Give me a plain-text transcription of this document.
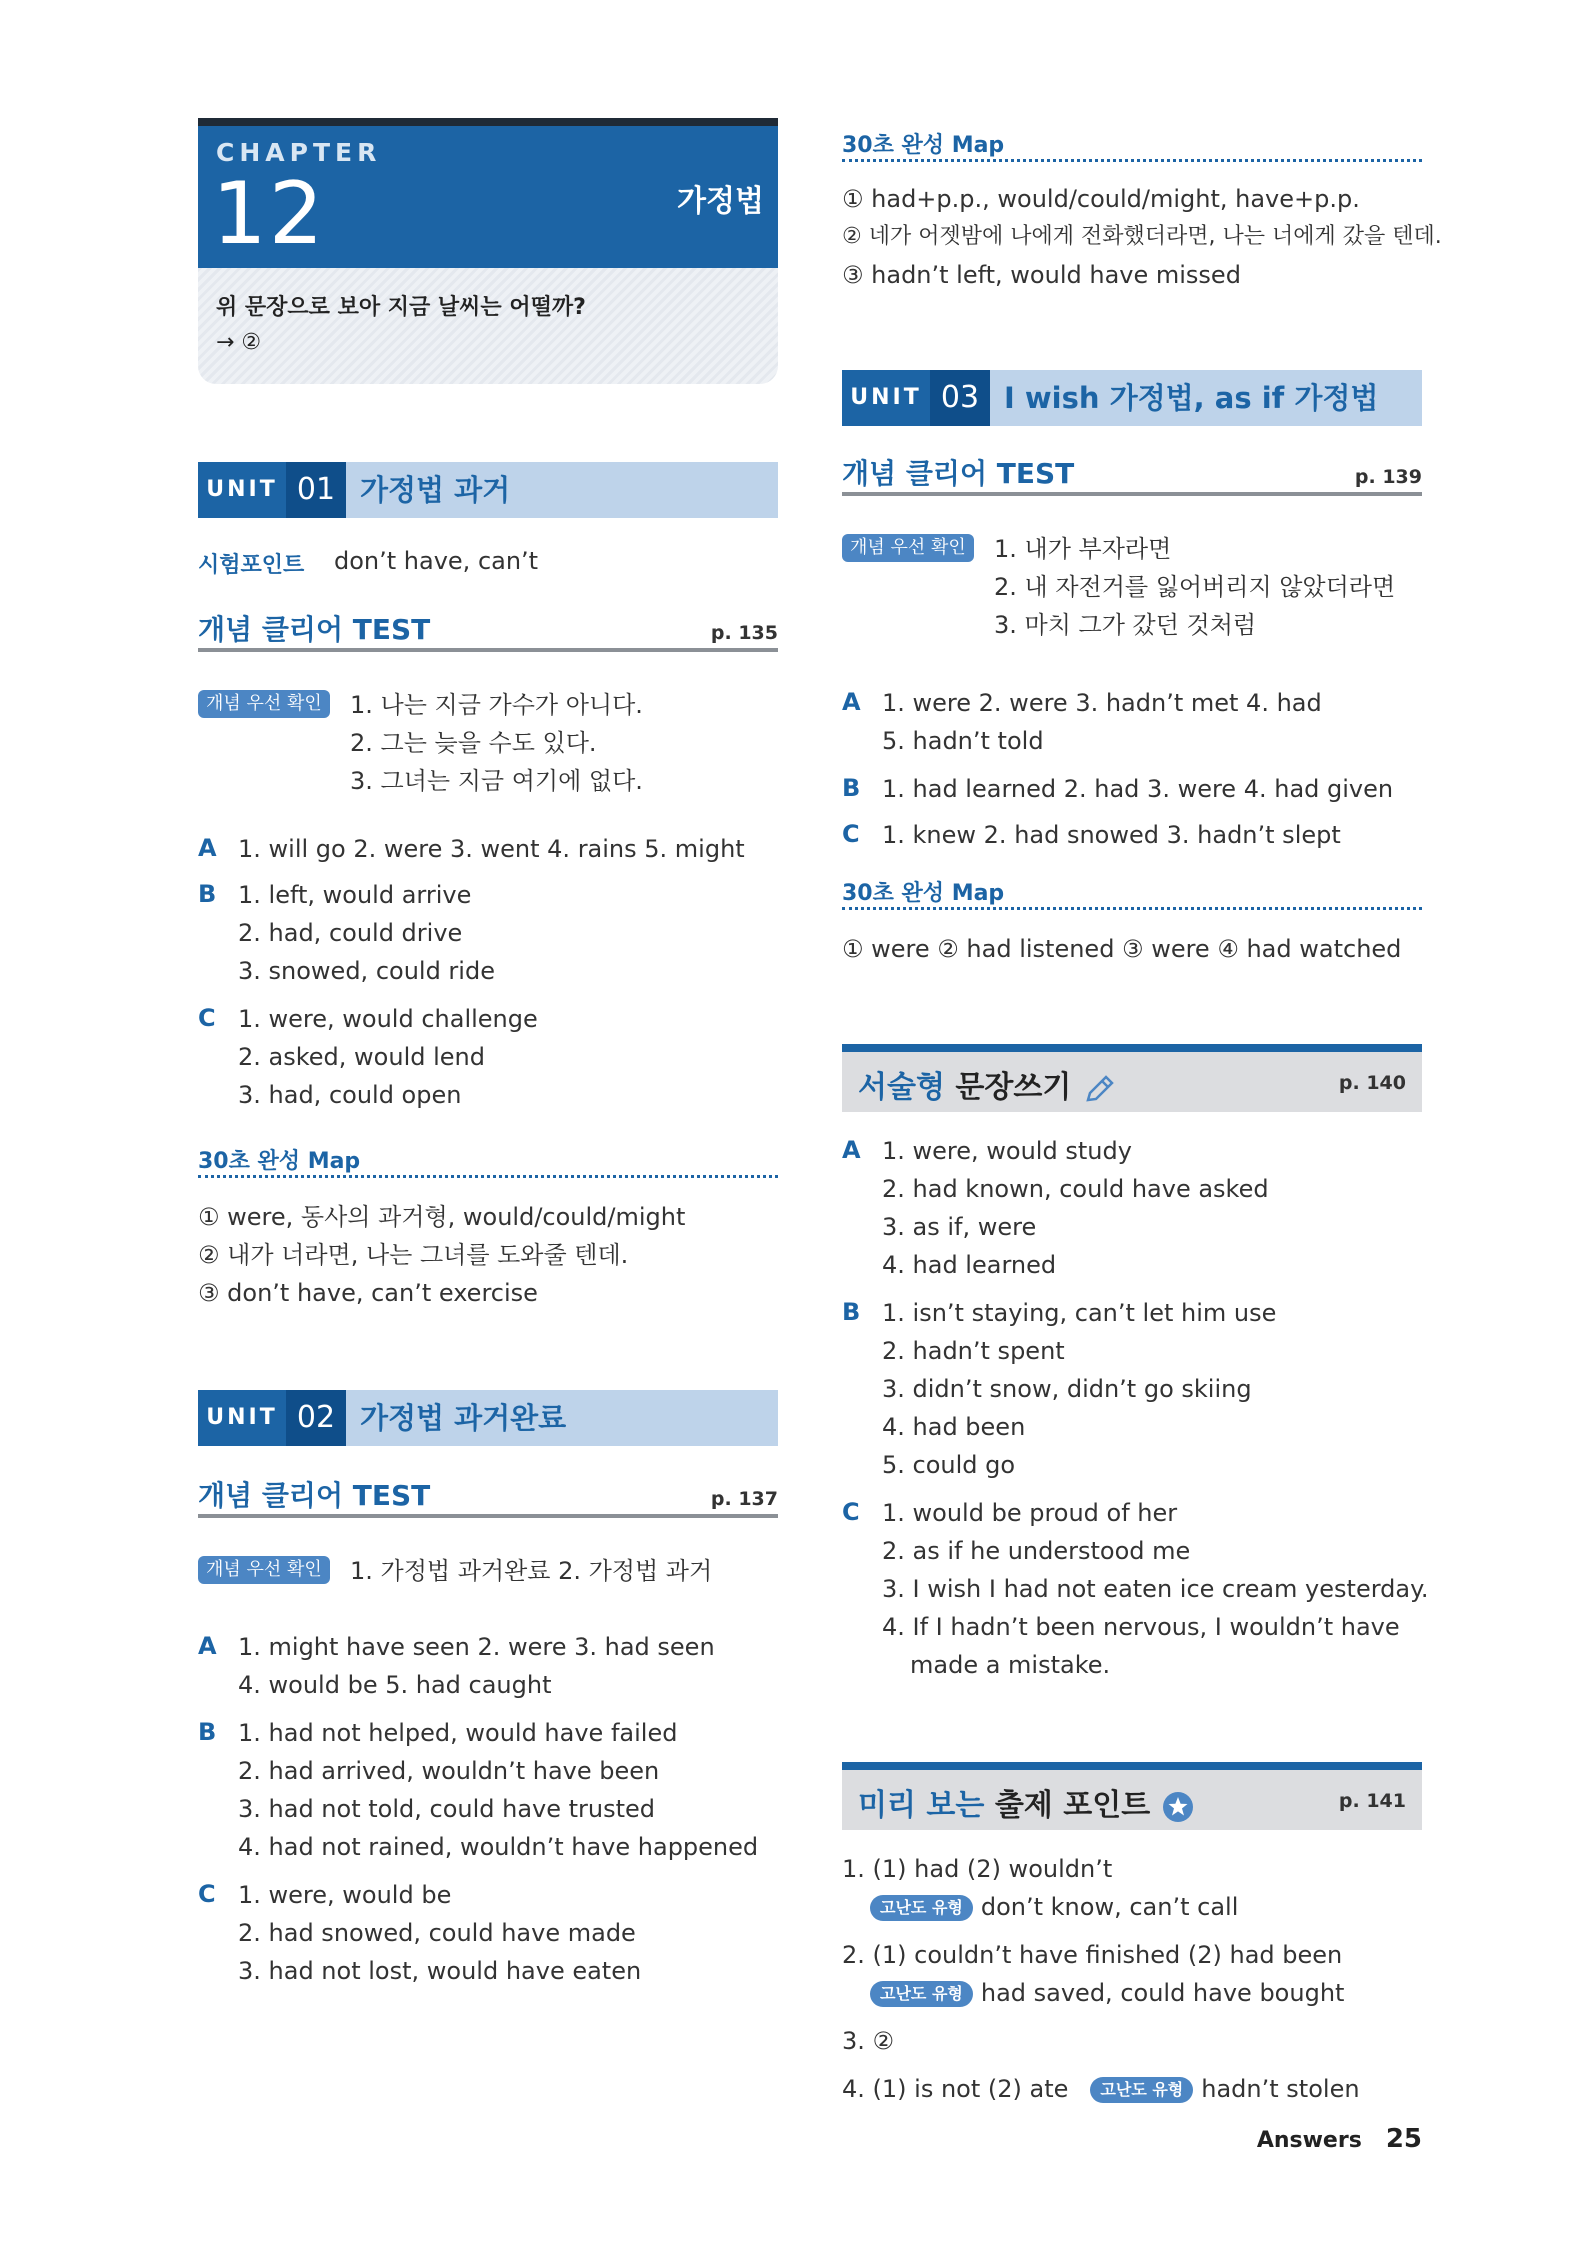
CHAPTER
12	가정법
위 문장으로 보아 지금 날씨는 어떨까?
→ ②
UNIT 01 가정법 과거
시험포인트 don’t have, can’t
개념 클리어 TEST	p. 135
개념 우선 확인	1. 나는 지금 가수가 아니다.
2. 그는 늦을 수도 있다.
3. 그녀는 지금 여기에 없다.
A 1. will go 2. were 3. went 4. rains 5. might
B 1. left, would arrive
2. had, could drive
3. snowed, could ride
C 1. were, would challenge
2. asked, would lend
3. had, could open
30초 완성 Map
① were, 동사의 과거형, would/could/might
② 내가 너라면, 나는 그녀를 도와줄 텐데.
③ don’t have, can’t exercise
UNIT 02 가정법 과거완료
개념 클리어 TEST	p. 137
개념 우선 확인	1. 가정법 과거완료 2. 가정법 과거
A 1. might have seen 2. were 3. had seen
4. would be 5. had caught
B 1. had not helped, would have failed
2. had arrived, wouldn’t have been
3. had not told, could have trusted
4. had not rained, wouldn’t have happened
C 1. were, would be
2. had snowed, could have made
3. had not lost, would have eaten
30초 완성 Map
① had+p.p., would/could/might, have+p.p.
② 네가 어젯밤에 나에게 전화했더라면, 나는 너에게 갔을 텐데.
③ hadn’t left, would have missed
UNIT 03 I wish 가정법, as if 가정법
개념 클리어 TEST	p. 139
개념 우선 확인	1. 내가 부자라면
2. 내 자전거를 잃어버리지 않았더라면
3. 마치 그가 갔던 것처럼
A 1. were 2. were 3. hadn’t met 4. had
5. hadn’t told
B 1. had learned 2. had 3. were 4. had given
C 1. knew 2. had snowed 3. hadn’t slept
30초 완성 Map
① were ② had listened ③ were ④ had watched
서술형 문장쓰기	p. 140
A 1. were, would study
2. had known, could have asked
3. as if, were
4. had learned
B 1. isn’t staying, can’t let him use
2. hadn’t spent
3. didn’t snow, didn’t go skiing
4. had been
5. could go
C 1. would be proud of her
2. as if he understood me
3. I wish I had not eaten ice cream yesterday.
4. If I hadn’t been nervous, I wouldn’t have
made a mistake.
미리 보는 출제 포인트	p. 141
1. (1) had (2) wouldn’t
고난도 유형 don’t know, can’t call
2. (1) couldn’t have finished (2) had been
고난도 유형 had saved, could have bought
3. ②
4. (1) is not (2) ate 고난도 유형 hadn’t stolen
Answers 25
